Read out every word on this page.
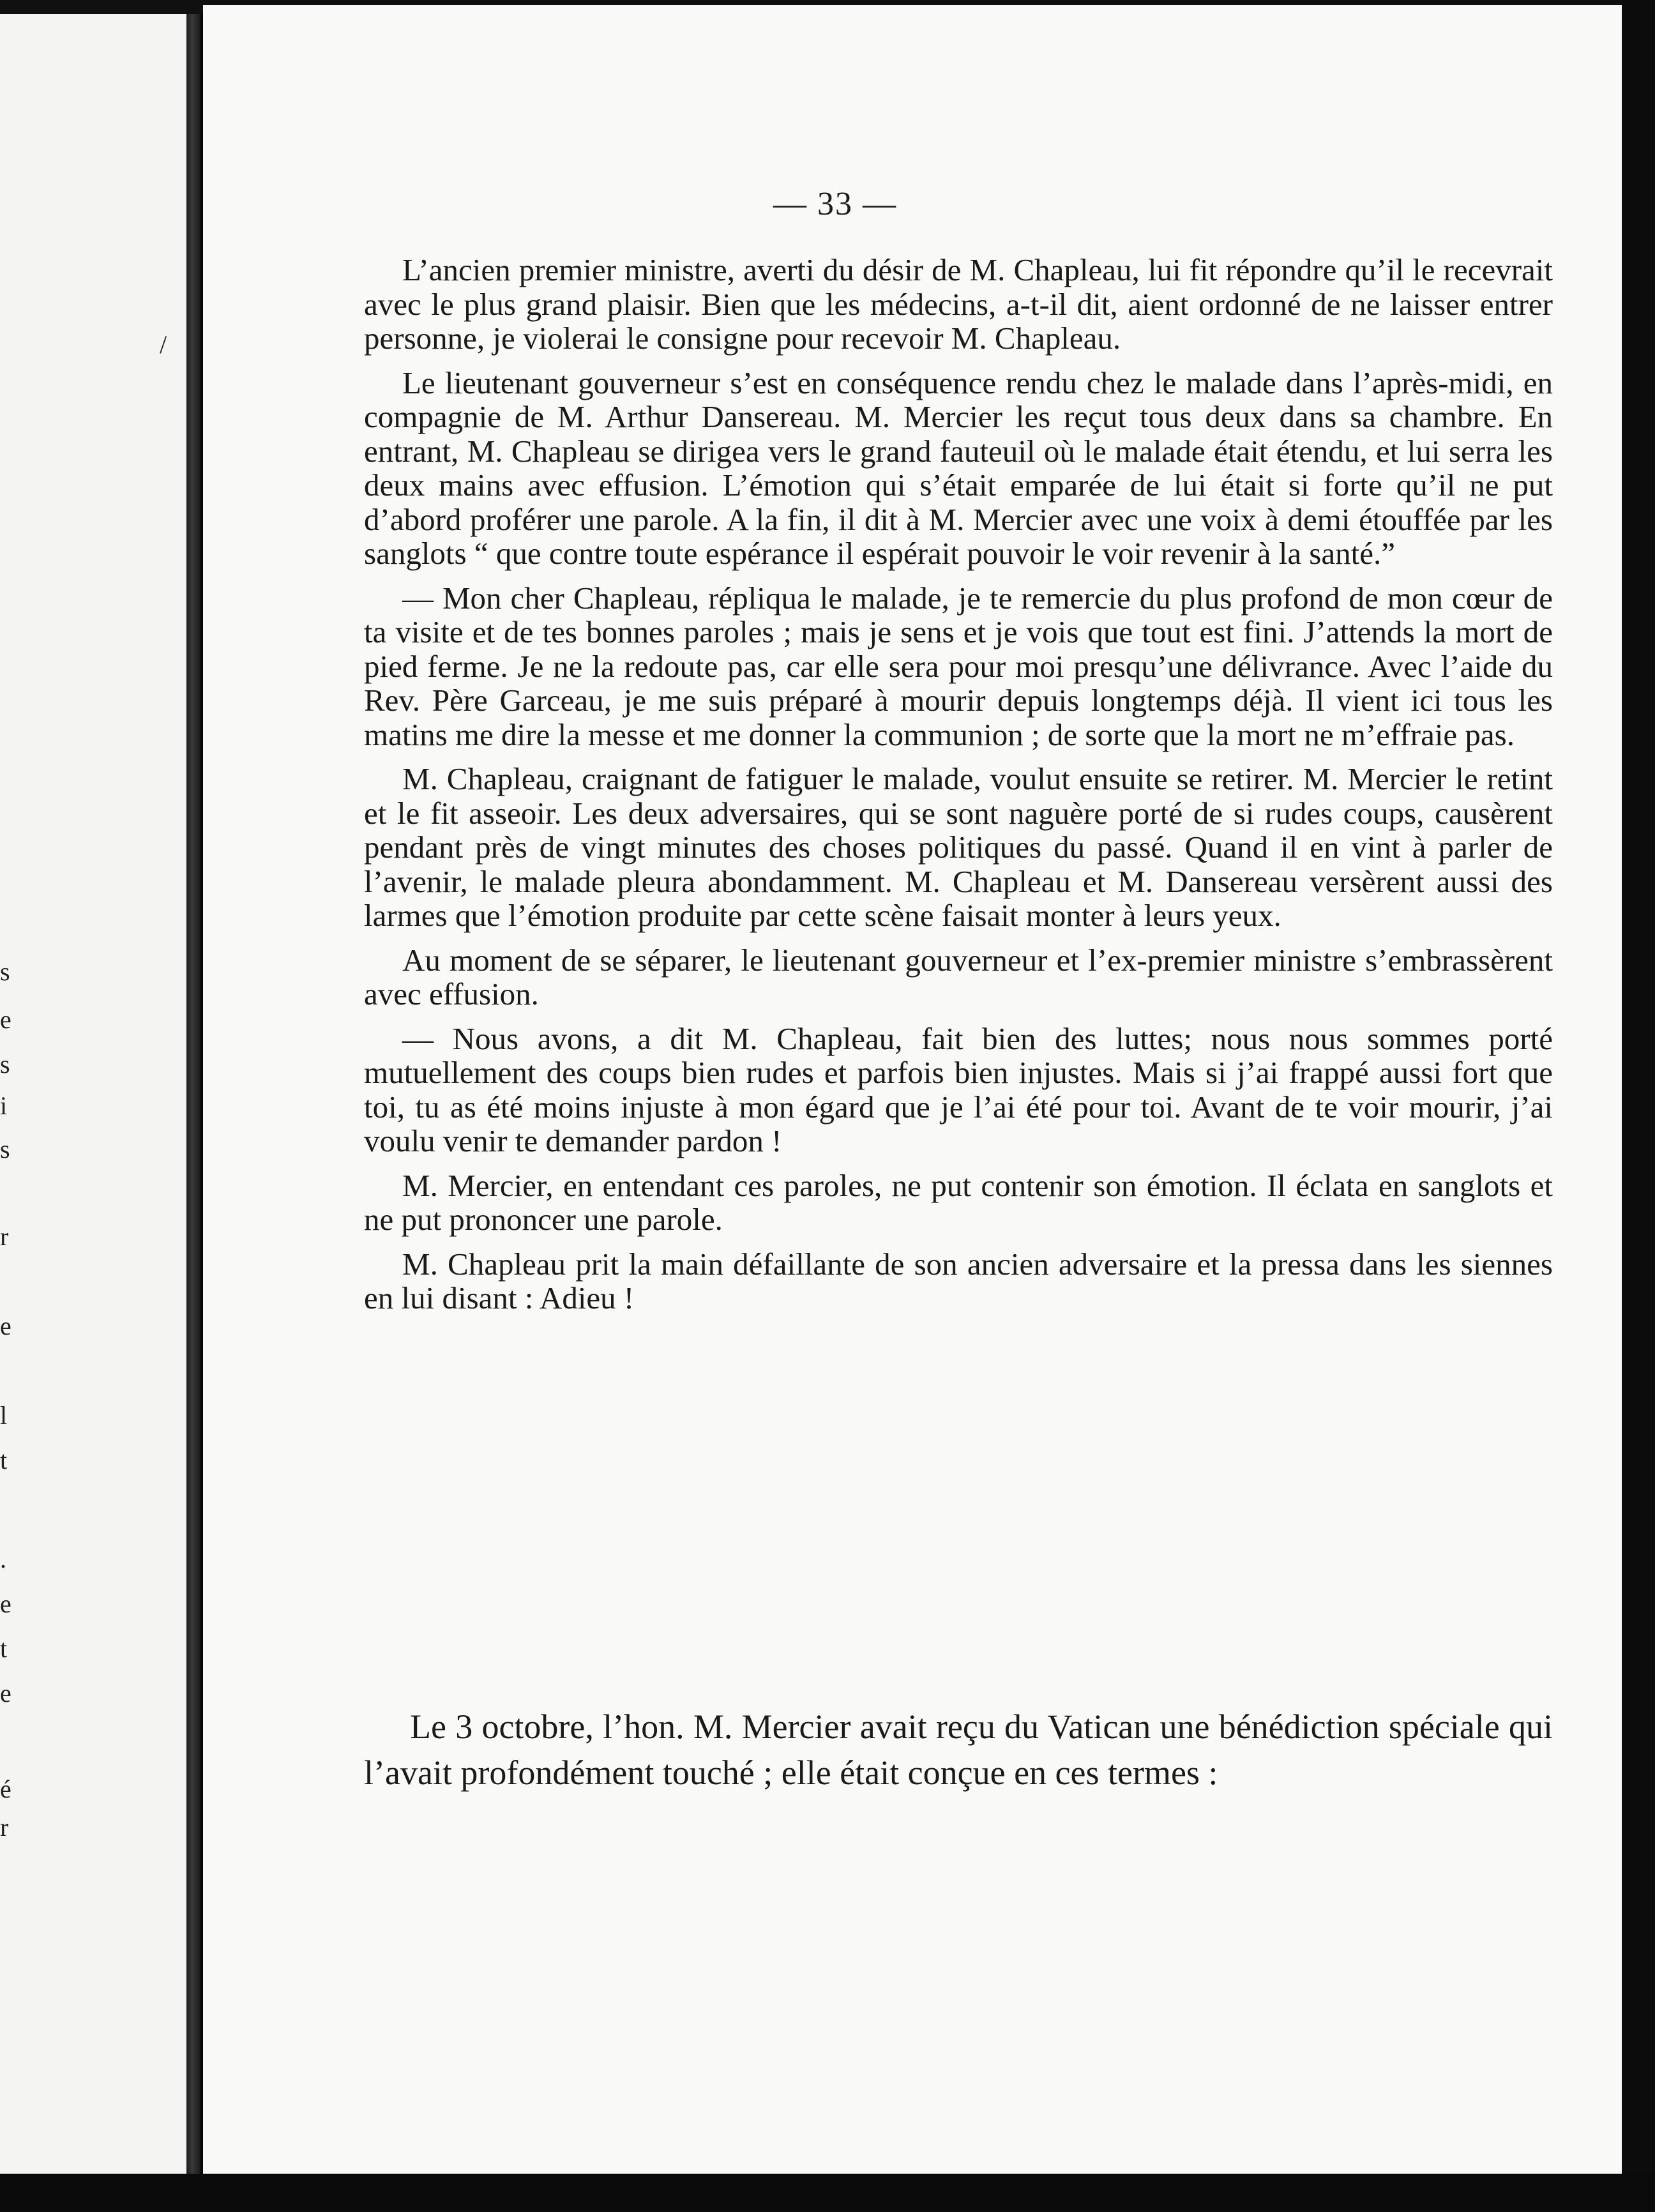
/
s
e
s
i
s
r
e
l
t
.
e
t
e
é
r
— 33 —

L’ancien premier ministre, averti du désir de M. Chapleau, lui fit répondre qu’il le recevrait avec le plus grand plaisir. Bien que les médecins, a-t-il dit, aient ordonné de ne laisser entrer personne, je violerai le consigne pour recevoir M. Chapleau.

Le lieutenant gouverneur s’est en conséquence rendu chez le malade dans l’après-midi, en compagnie de M. Arthur Dansereau. M. Mercier les reçut tous deux dans sa chambre. En entrant, M. Chapleau se dirigea vers le grand fauteuil où le malade était étendu, et lui serra les deux mains avec effusion. L’émotion qui s’était emparée de lui était si forte qu’il ne put d’abord proférer une parole. A la fin, il dit à M. Mercier avec une voix à demi étouffée par les sanglots “ que contre toute espérance il espérait pouvoir le voir revenir à la santé.”

— Mon cher Chapleau, répliqua le malade, je te remercie du plus profond de mon cœur de ta visite et de tes bonnes paroles ; mais je sens et je vois que tout est fini. J’attends la mort de pied ferme. Je ne la redoute pas, car elle sera pour moi presqu’une délivrance. Avec l’aide du Rev. Père Garceau, je me suis préparé à mourir depuis longtemps déjà. Il vient ici tous les matins me dire la messe et me donner la communion ; de sorte que la mort ne m’effraie pas.

M. Chapleau, craignant de fatiguer le malade, voulut ensuite se retirer. M. Mercier le retint et le fit asseoir. Les deux adversaires, qui se sont naguère porté de si rudes coups, causèrent pendant près de vingt minutes des choses politiques du passé. Quand il en vint à parler de l’avenir, le malade pleura abondamment. M. Chapleau et M. Dansereau versèrent aussi des larmes que l’émotion produite par cette scène faisait monter à leurs yeux.

Au moment de se séparer, le lieutenant gouverneur et l’ex-premier ministre s’embrassèrent avec effusion.

— Nous avons, a dit M. Chapleau, fait bien des luttes; nous nous sommes porté mutuellement des coups bien rudes et parfois bien injustes. Mais si j’ai frappé aussi fort que toi, tu as été moins injuste à mon égard que je l’ai été pour toi. Avant de te voir mourir, j’ai voulu venir te demander pardon !

M. Mercier, en entendant ces paroles, ne put contenir son émotion. Il éclata en sanglots et ne put prononcer une parole.

M. Chapleau prit la main défaillante de son ancien adversaire et la pressa dans les siennes en lui disant : Adieu !

Le 3 octobre, l’hon. M. Mercier avait reçu du Vatican une bénédiction spéciale qui l’avait profondément touché ; elle était conçue en ces termes :
